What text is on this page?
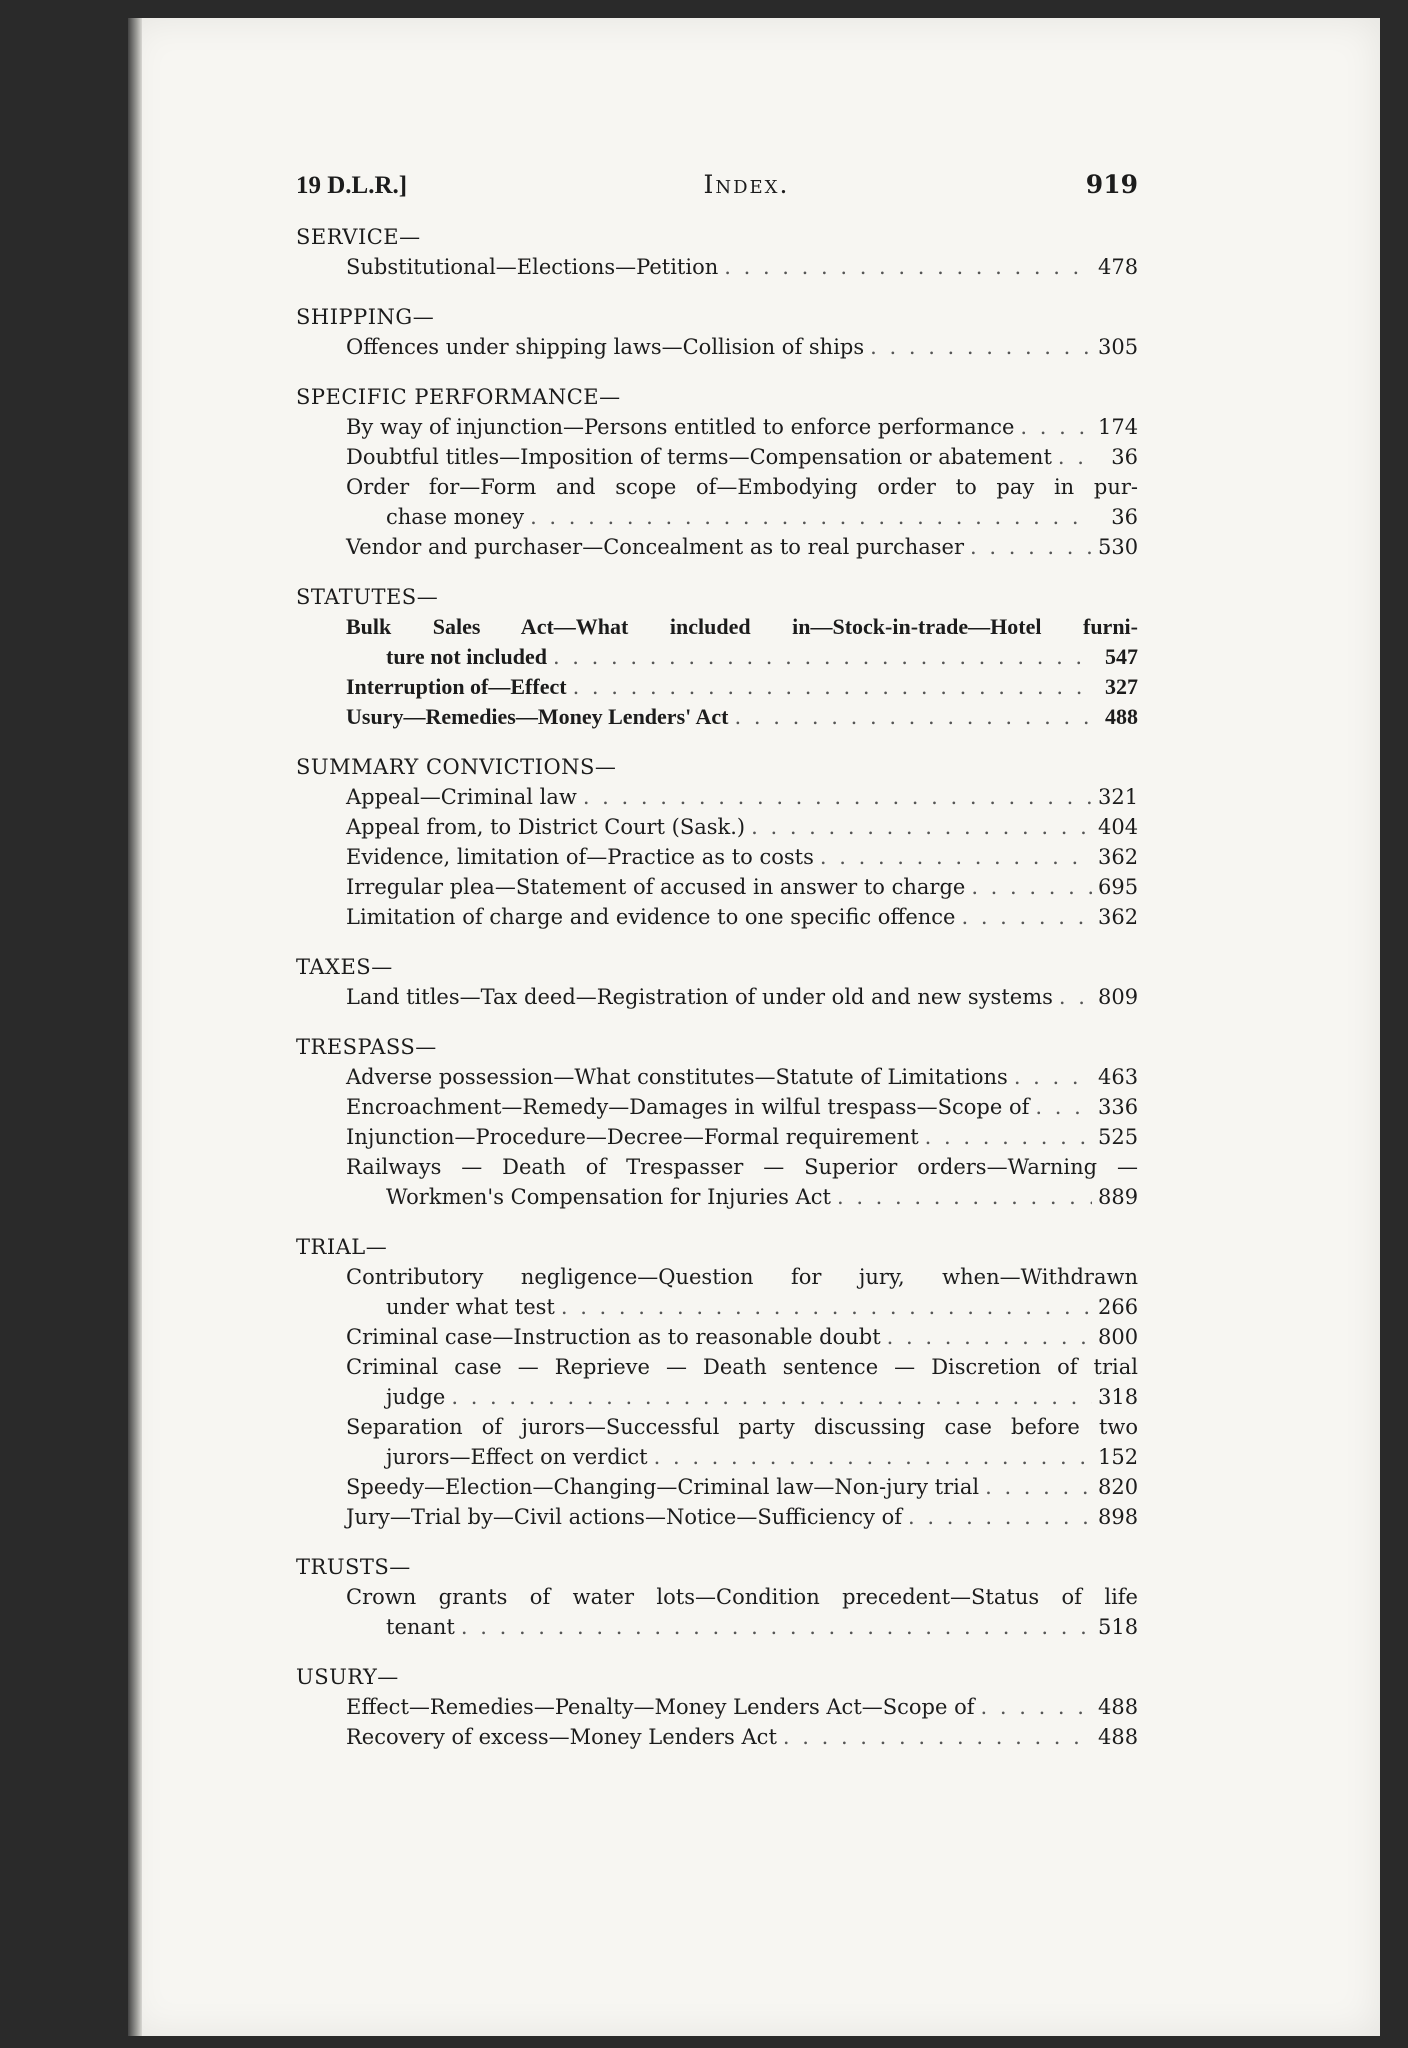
19 D.L.R.]	Index.	919
SERVICE—
Substitutional—Elections—Petition . . .	478
SHIPPING—
Offences under shipping laws—Collision of ships . . .	305
SPECIFIC PERFORMANCE—
By way of injunction—Persons entitled to enforce performance . . .	174
Doubtful titles—Imposition of terms—Compensation or abatement . . .	36
Order for—Form and scope of—Embodying order to pay in pur-
chase money . . .	36
Vendor and purchaser—Concealment as to real purchaser . . .	530
STATUTES—
Bulk Sales Act—What included in—Stock-in-trade—Hotel furni-
ture not included . . .	547
Interruption of—Effect . . .	327
Usury—Remedies—Money Lenders' Act . . .	488
SUMMARY CONVICTIONS—
Appeal—Criminal law . . .	321
Appeal from, to District Court (Sask.) . . .	404
Evidence, limitation of—Practice as to costs . . .	362
Irregular plea—Statement of accused in answer to charge . . .	695
Limitation of charge and evidence to one specific offence . . .	362
TAXES—
Land titles—Tax deed—Registration of under old and new systems . . . 809
TRESPASS—
Adverse possession—What constitutes—Statute of Limitations . . .	463
Encroachment—Remedy—Damages in wilful trespass—Scope of . . .	336
Injunction—Procedure—Decree—Formal requirement . . .	525
Railways — Death of Trespasser — Superior orders—Warning —
Workmen's Compensation for Injuries Act . . .	889
TRIAL—
Contributory negligence—Question for jury, when—Withdrawn
under what test . . .	266
Criminal case—Instruction as to reasonable doubt . . .	800
Criminal case — Reprieve — Death sentence — Discretion of trial
judge . . .	318
Separation of jurors—Successful party discussing case before two
jurors—Effect on verdict . . .	152
Speedy—Election—Changing—Criminal law—Non-jury trial . . .	820
Jury—Trial by—Civil actions—Notice—Sufficiency of . . .	898
TRUSTS—
Crown grants of water lots—Condition precedent—Status of life
tenant . . .	518
USURY—
Effect—Remedies—Penalty—Money Lenders Act—Scope of . . .	488
Recovery of excess—Money Lenders Act . . .	488
